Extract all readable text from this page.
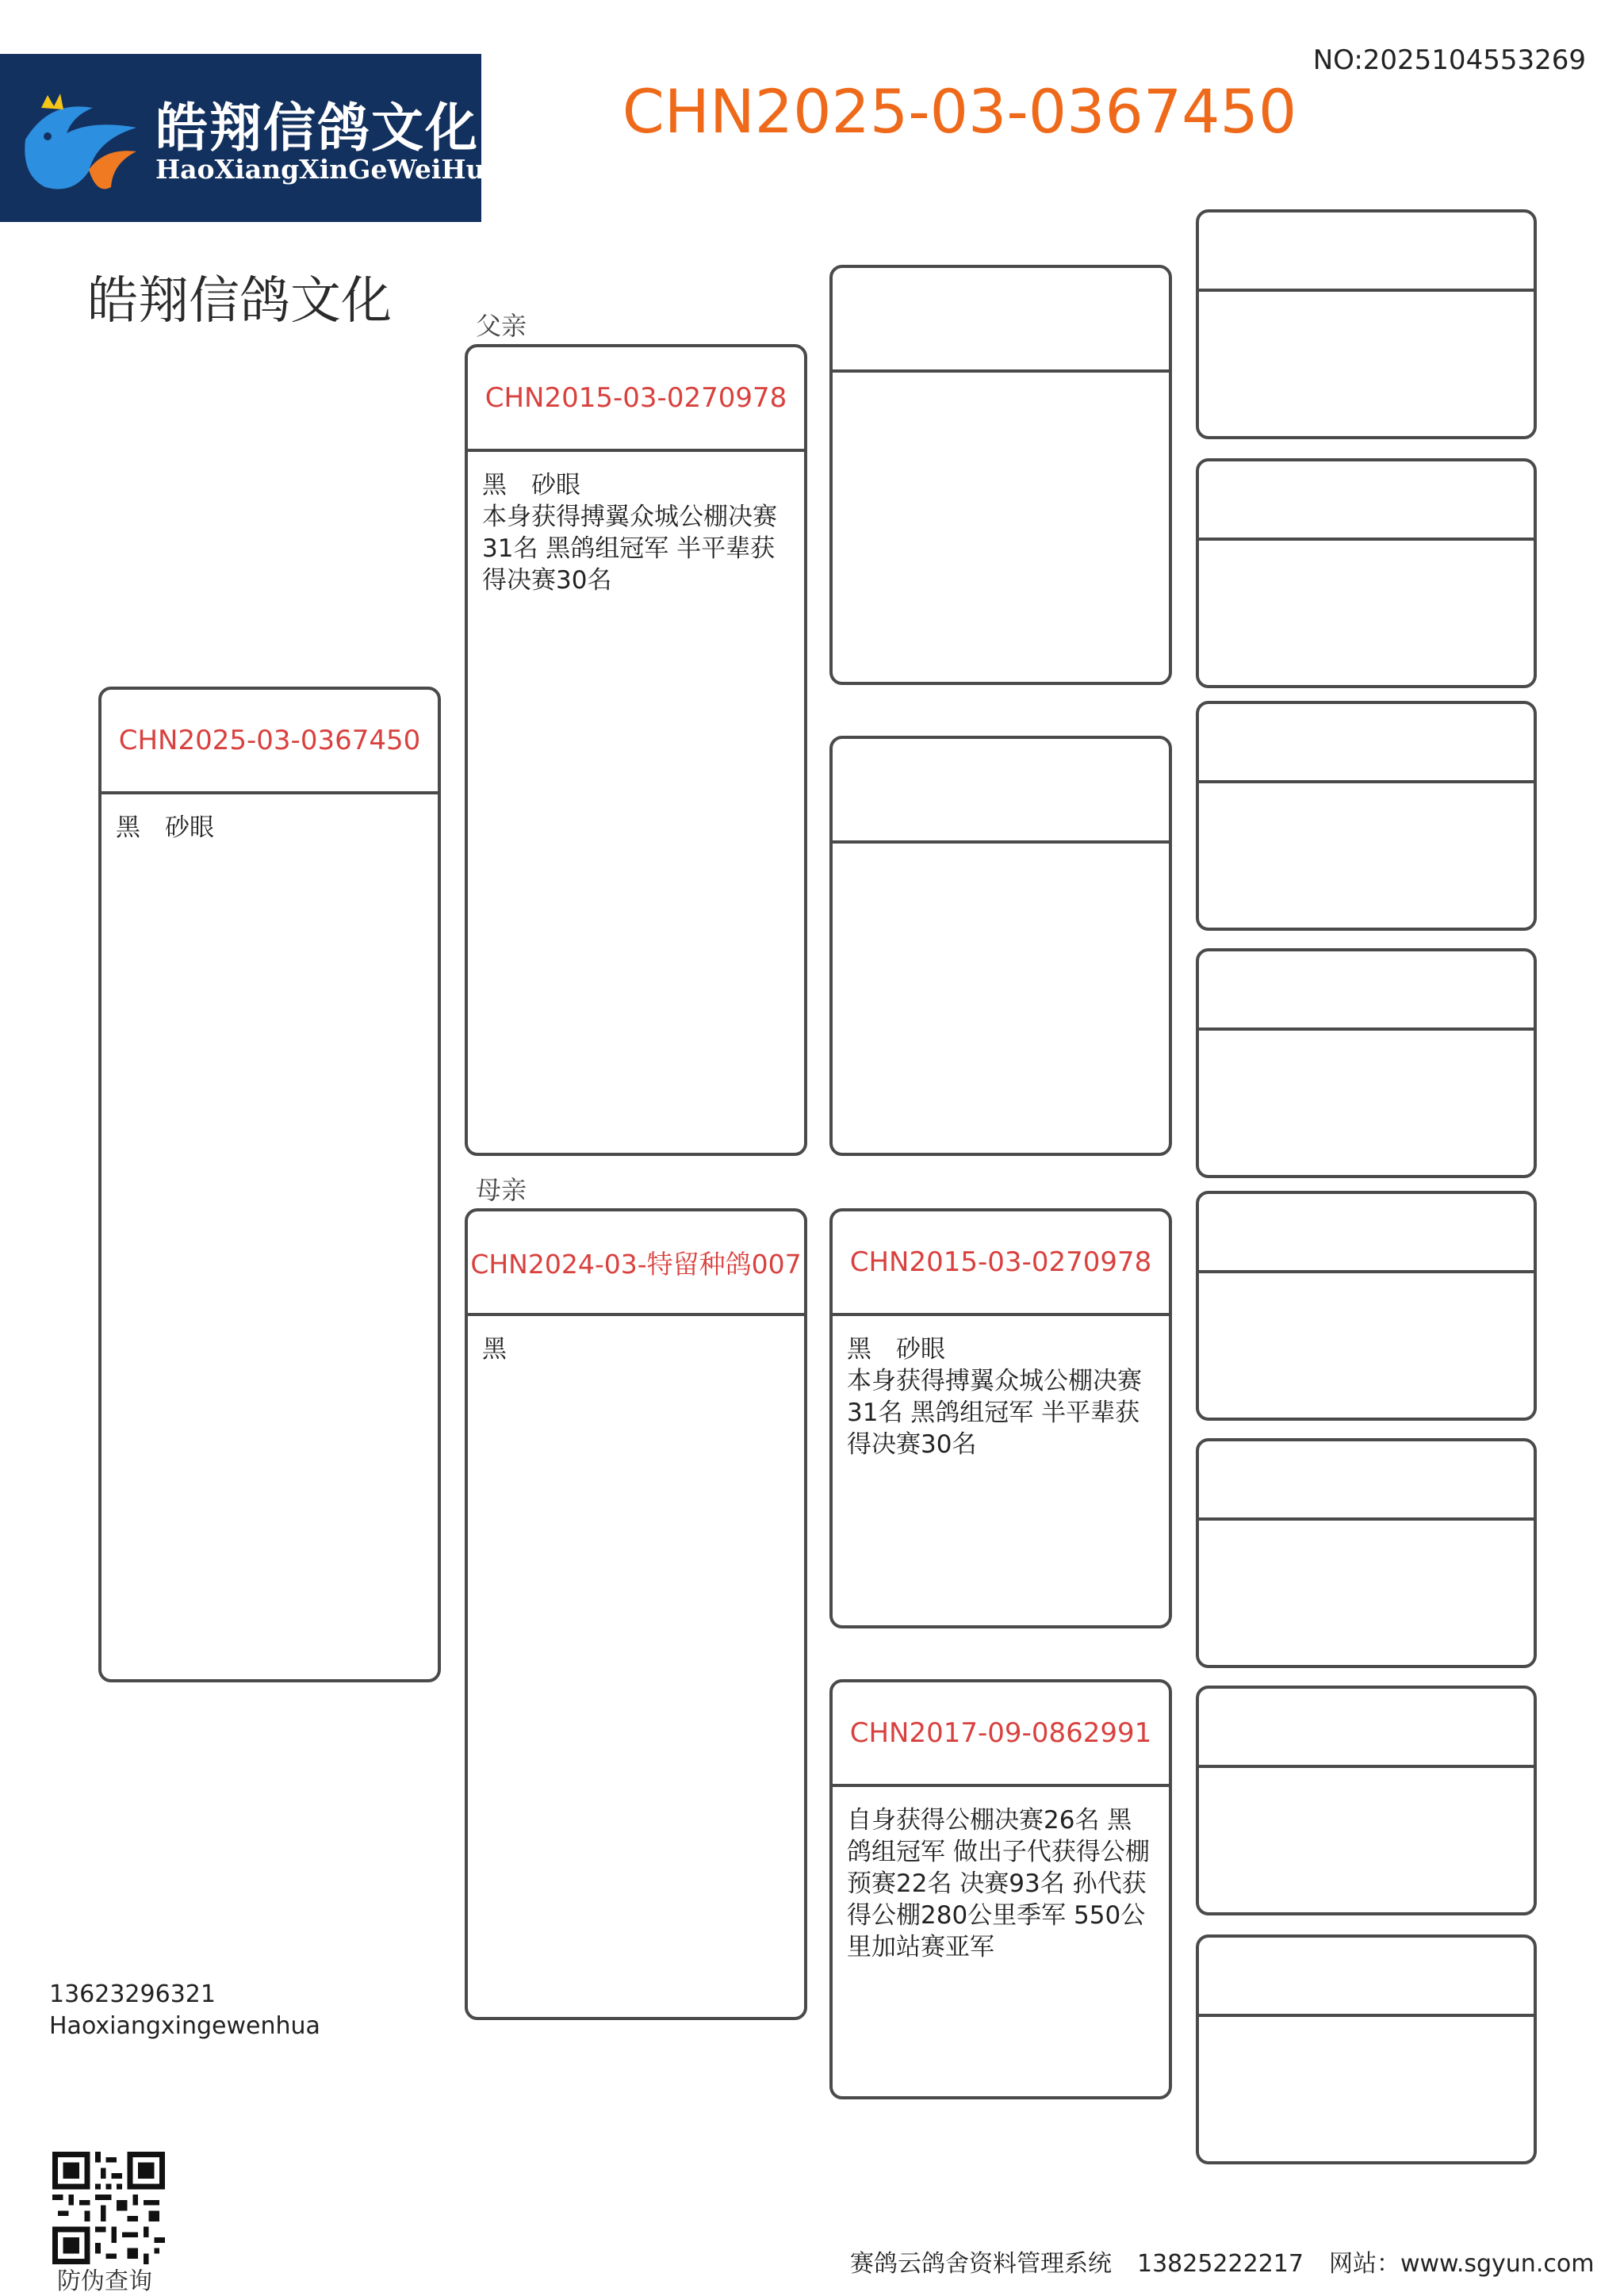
皓翔信鸽文化
HaoXiangXinGeWeiHua
NO:2025104553269
CHN2025-03-0367450
皓翔信鸽文化
CHN2025-03-0367450
黑　砂眼
父亲
CHN2015-03-0270978
黑　砂眼
本身获得搏翼众城公棚决赛31名 黑鸽组冠军 半平辈获得决赛30名
母亲
CHN2024-03-特留种鸽007
黑
CHN2015-03-0270978
黑　砂眼
本身获得搏翼众城公棚决赛31名 黑鸽组冠军 半平辈获得决赛30名
CHN2017-09-0862991
自身获得公棚决赛26名 黑鸽组冠军 做出子代获得公棚预赛22名 决赛93名 孙代获得公棚280公里季军 550公里加站赛亚军
13623296321
Haoxiangxingewenhua
防伪查询
赛鸽云鸽舍资料管理系统 13825222217 网站：www.sgyun.com
